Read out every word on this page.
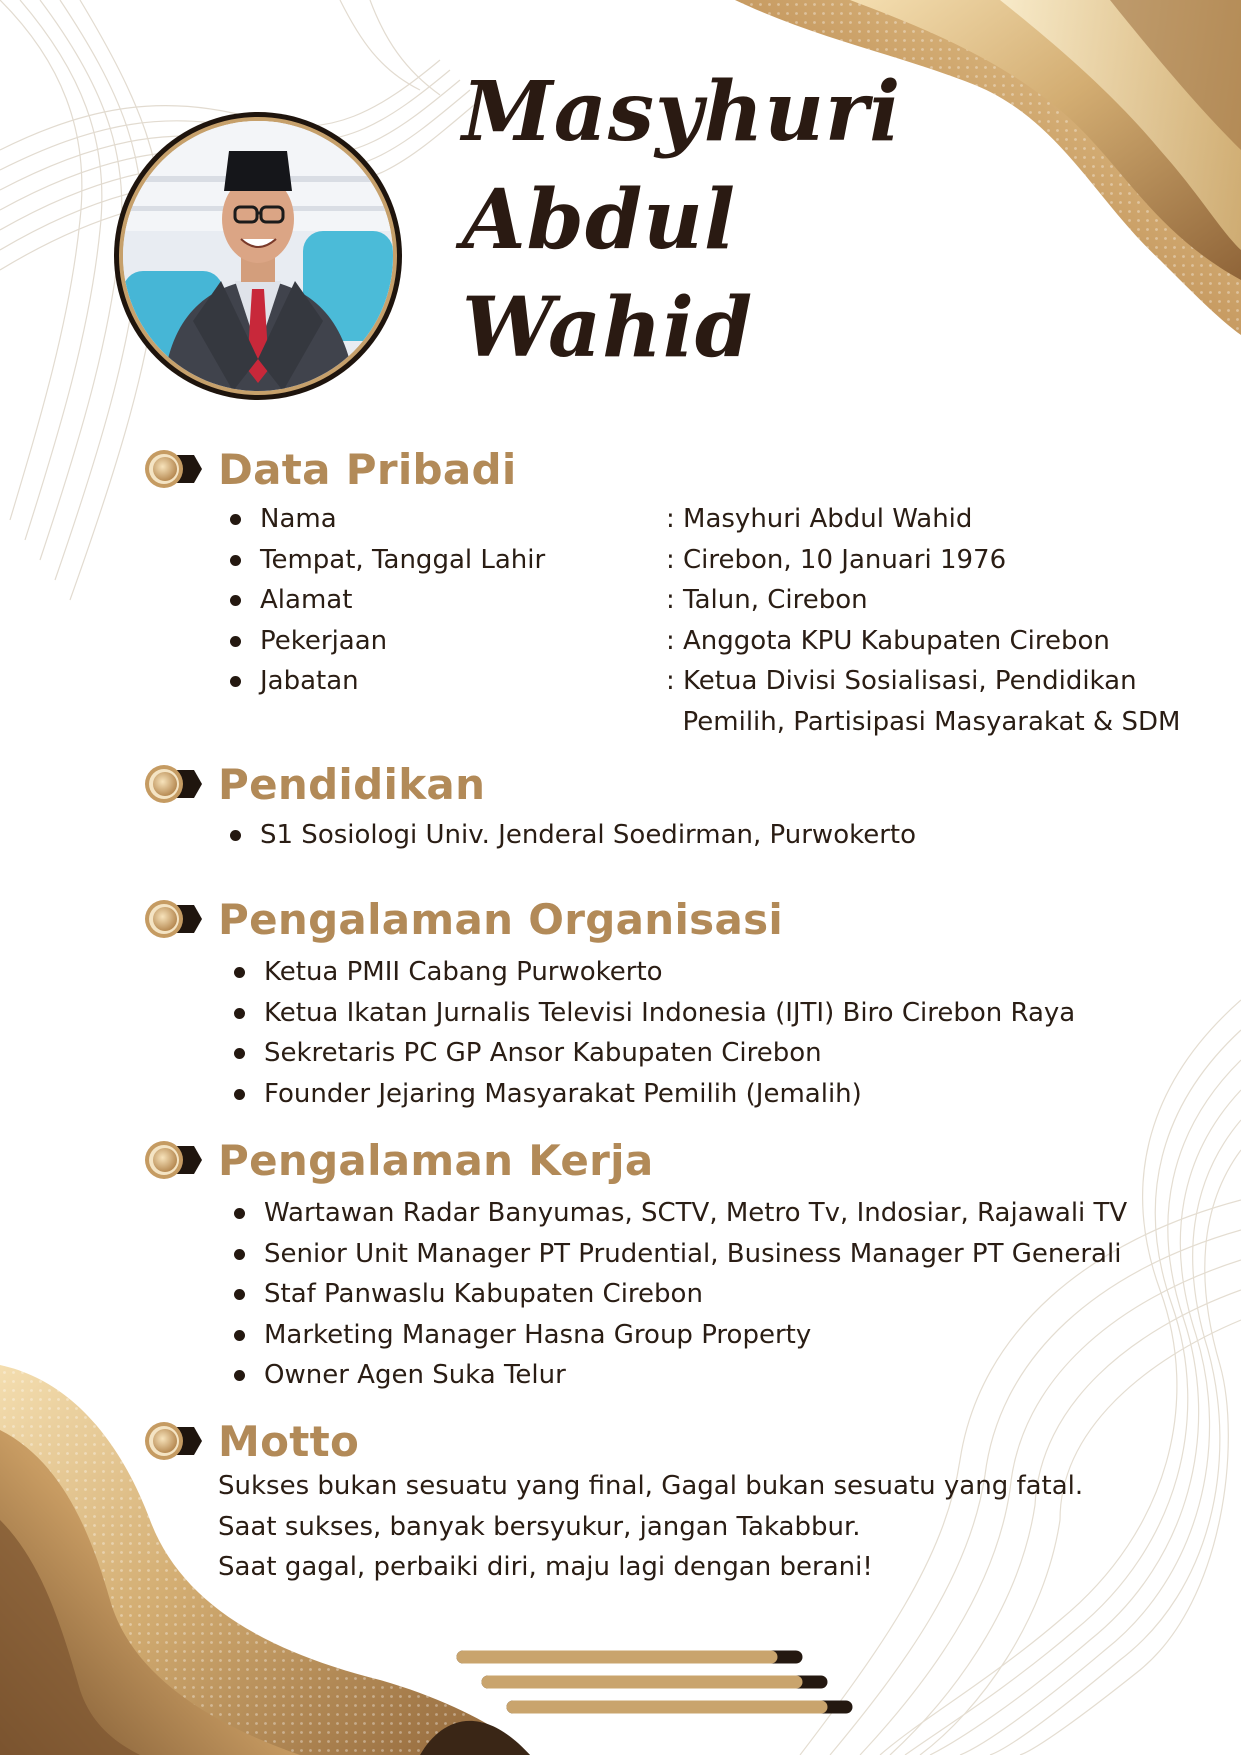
Masyhuri
Abdul
Wahid
Data Pribadi
Nama	: Masyhuri Abdul Wahid
Tempat, Tanggal Lahir	: Cirebon, 10 Januari 1976
Alamat	: Talun, Cirebon
Pekerjaan	: Anggota KPU Kabupaten Cirebon
Jabatan	: Ketua Divisi Sosialisasi, Pendidikan
Pemilih, Partisipasi Masyarakat & SDM
Pendidikan
S1 Sosiologi Univ. Jenderal Soedirman, Purwokerto
Pengalaman Organisasi
Ketua PMII Cabang Purwokerto
Ketua Ikatan Jurnalis Televisi Indonesia (IJTI) Biro Cirebon Raya
Sekretaris PC GP Ansor Kabupaten Cirebon
Founder Jejaring Masyarakat Pemilih (Jemalih)
Pengalaman Kerja
Wartawan Radar Banyumas, SCTV, Metro Tv, Indosiar, Rajawali TV
Senior Unit Manager PT Prudential, Business Manager PT Generali
Staf Panwaslu Kabupaten Cirebon
Marketing Manager Hasna Group Property
Owner Agen Suka Telur
Motto

Sukses bukan sesuatu yang final, Gagal bukan sesuatu yang fatal.

Saat sukses, banyak bersyukur, jangan Takabbur.

Saat gagal, perbaiki diri, maju lagi dengan berani!
